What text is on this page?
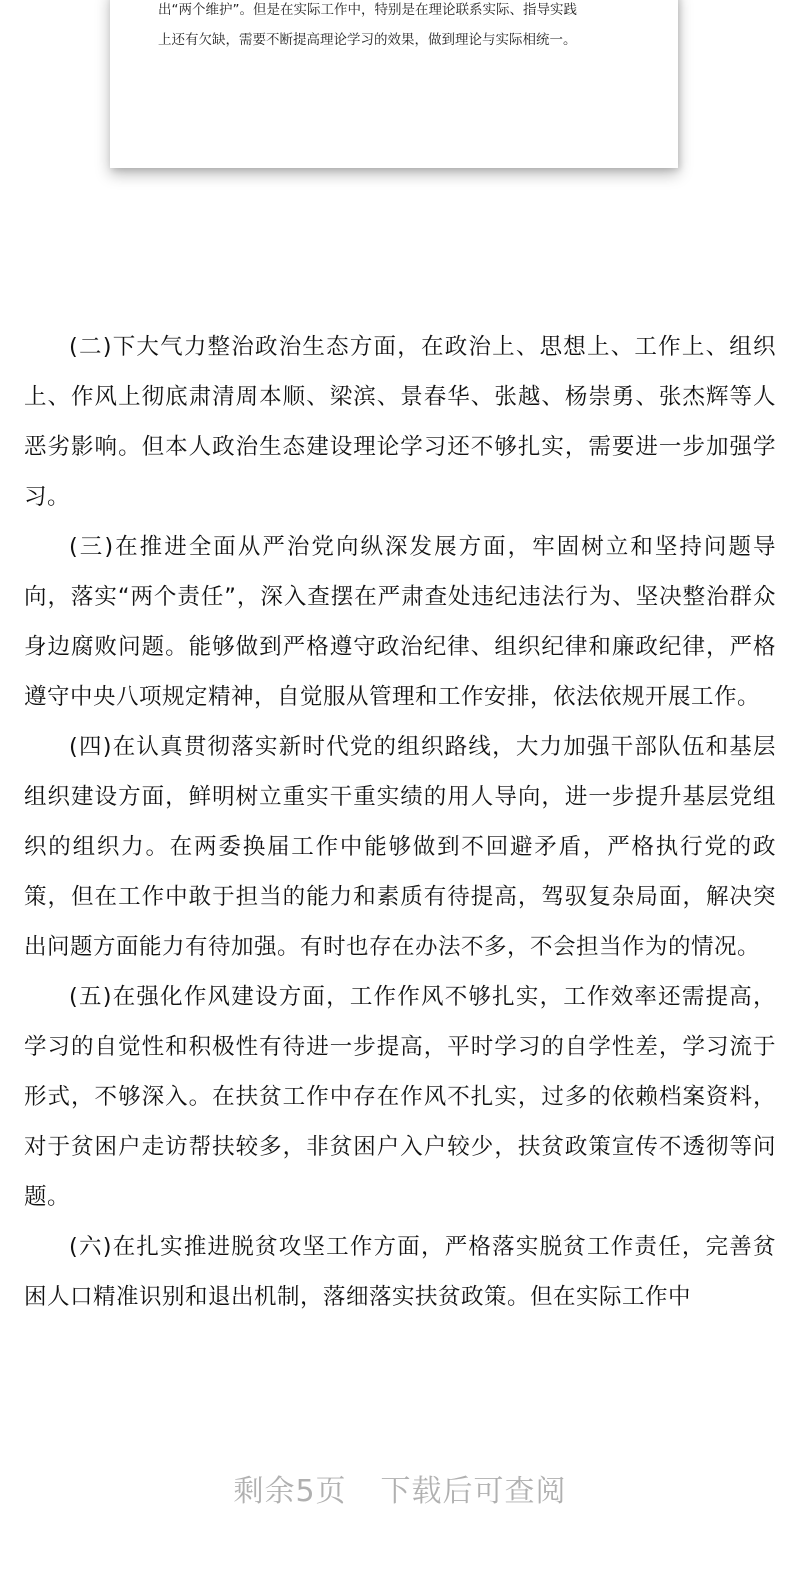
出“两个维护”。但是在实际工作中，特别是在理论联系实际、指导实践

上还有欠缺，需要不断提高理论学习的效果，做到理论与实际相统一。

(二)下大气力整治政治生态方面，在政治上、思想上、工作上、组织上、作风上彻底肃清周本顺、梁滨、景春华、张越、杨崇勇、张杰辉等人恶劣影响。但本人政治生态建设理论学习还不够扎实，需要进一步加强学习。

(三)在推进全面从严治党向纵深发展方面，牢固树立和坚持问题导向，落实“两个责任”，深入查摆在严肃查处违纪违法行为、坚决整治群众身边腐败问题。能够做到严格遵守政治纪律、组织纪律和廉政纪律，严格遵守中央八项规定精神，自觉服从管理和工作安排，依法依规开展工作。

(四)在认真贯彻落实新时代党的组织路线，大力加强干部队伍和基层组织建设方面，鲜明树立重实干重实绩的用人导向，进一步提升基层党组织的组织力。在两委换届工作中能够做到不回避矛盾，严格执行党的政策，但在工作中敢于担当的能力和素质有待提高，驾驭复杂局面，解决突出问题方面能力有待加强。有时也存在办法不多，不会担当作为的情况。

(五)在强化作风建设方面，工作作风不够扎实，工作效率还需提高，学习的自觉性和积极性有待进一步提高，平时学习的自学性差，学习流于形式，不够深入。在扶贫工作中存在作风不扎实，过多的依赖档案资料，对于贫困户走访帮扶较多，非贫困户入户较少，扶贫政策宣传不透彻等问题。

(六)在扎实推进脱贫攻坚工作方面，严格落实脱贫工作责任，完善贫困人口精准识别和退出机制，落细落实扶贫政策。但在实际工作中

剩余5页 下载后可查阅
